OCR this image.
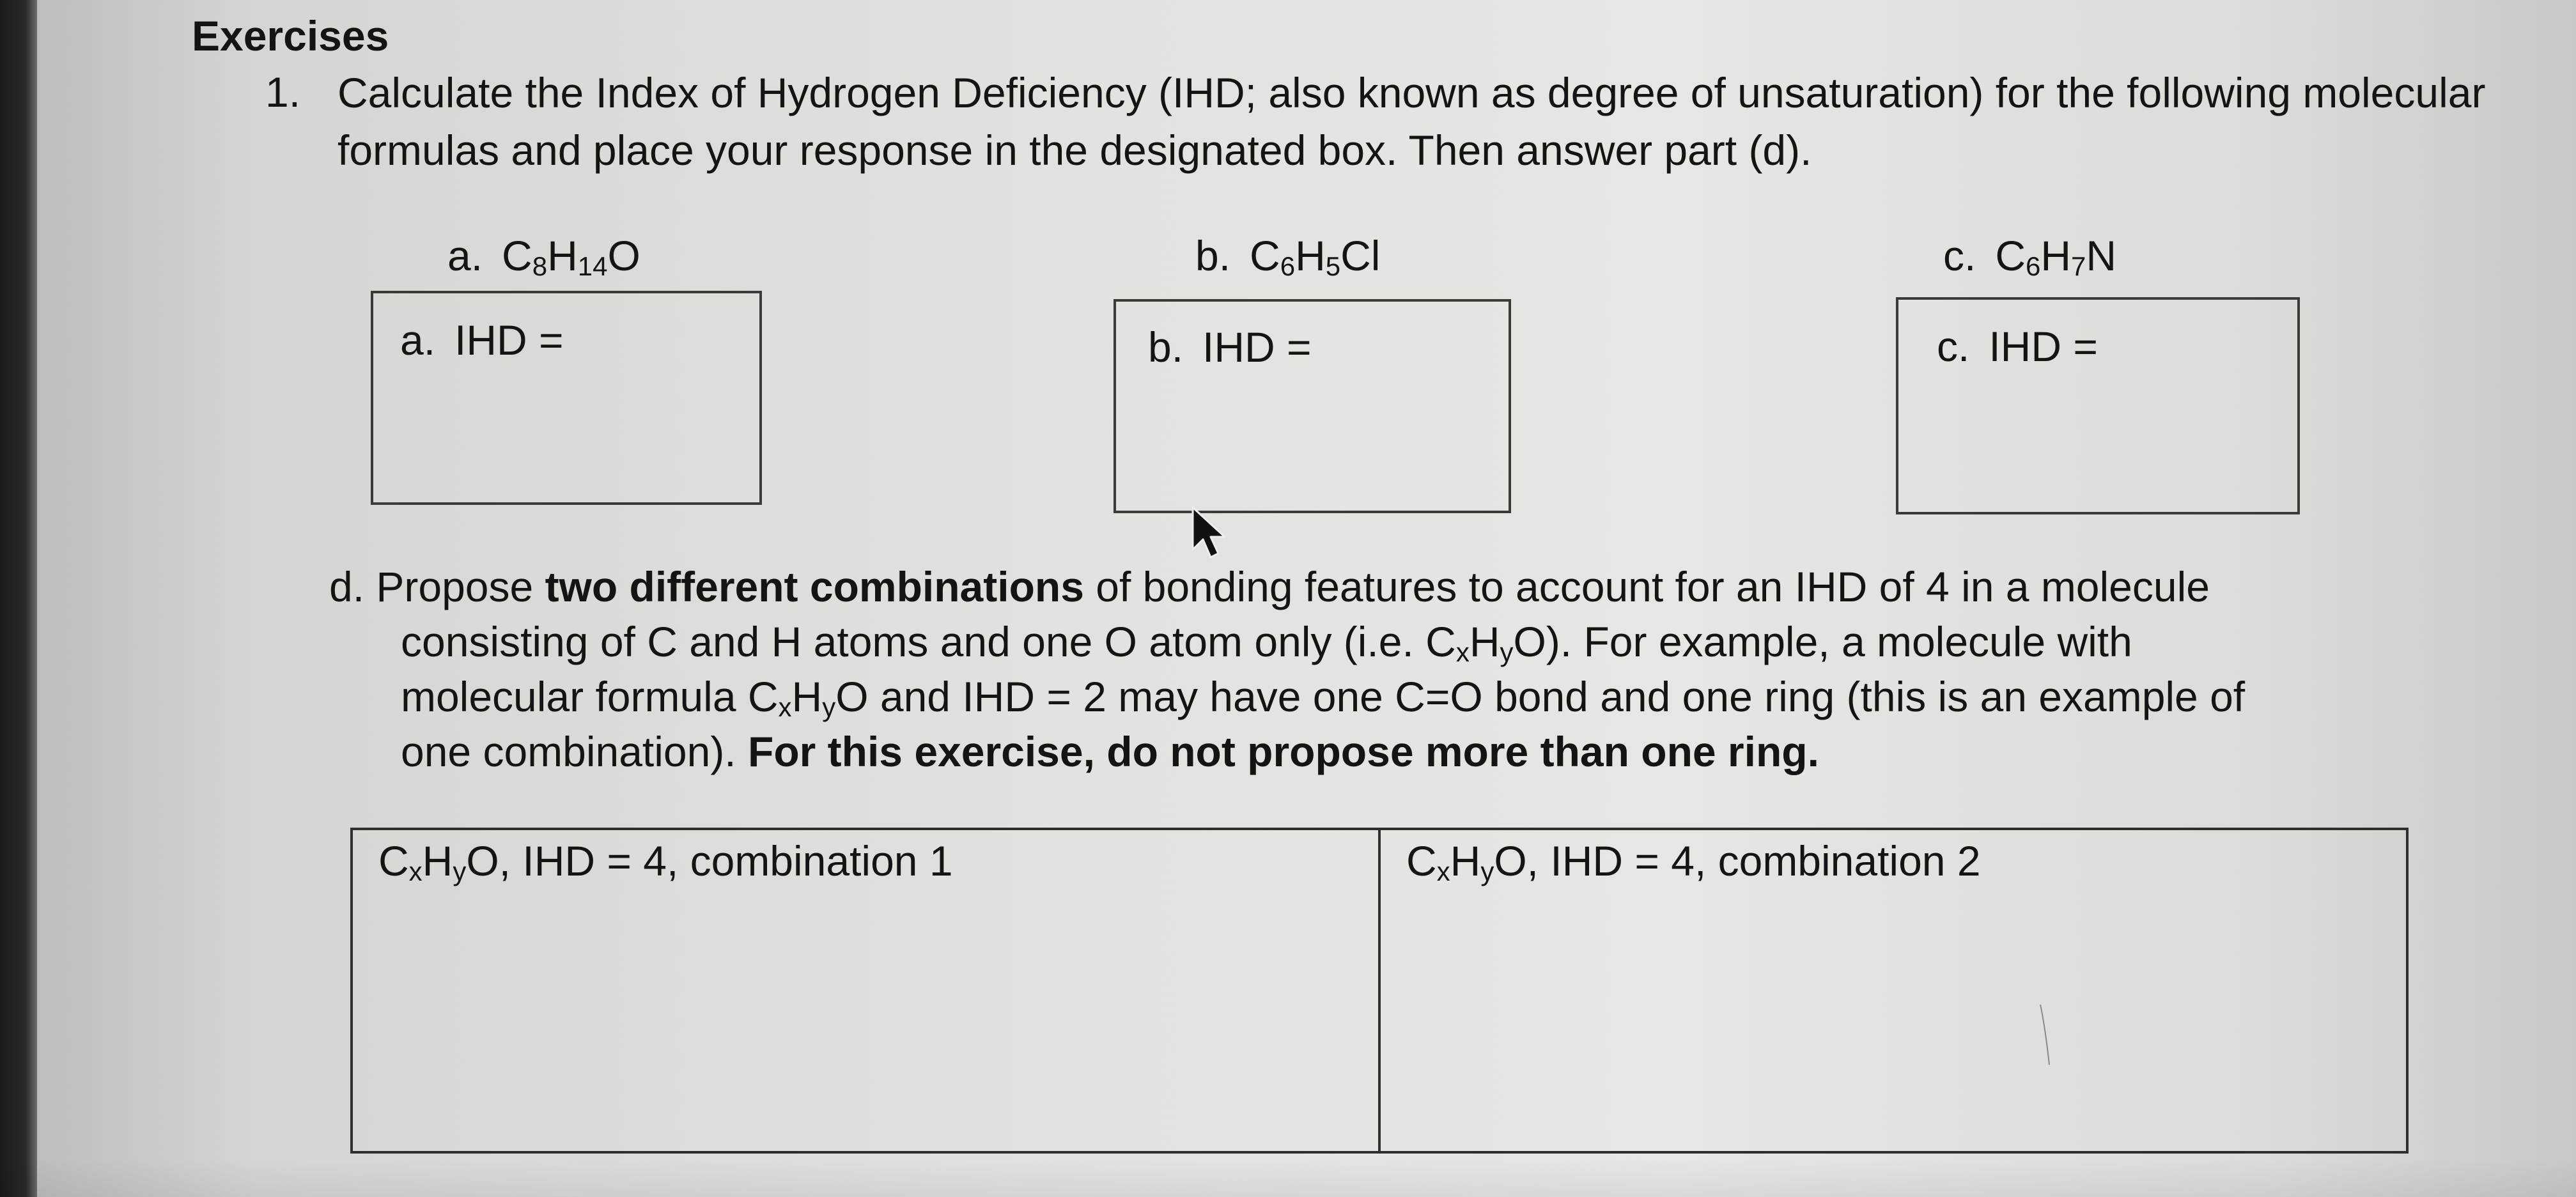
Exercises
1. Calculate the Index of Hydrogen Deficiency (IHD; also known as degree of unsaturation) for the following molecular formulas and place your response in the designated box. Then answer part (d).
a. $C_8H_{14}O$	b. $C_6H_5Cl$	c. $C_6H_7N$
a. IHD =	b. IHD =	c. IHD =
d. Propose two different combinations of bonding features to account for an IHD of 4 in a molecule
consisting of C and H atoms and one O atom only (i.e. CxHyO). For example, a molecule with
molecular formula CxHyO and IHD = 2 may have one C=O bond and one ring (this is an example of
one combination). For this exercise, do not propose more than one ring.
CxHyO, IHD = 4, combination 1	CxHyO, IHD = 4, combination 2
